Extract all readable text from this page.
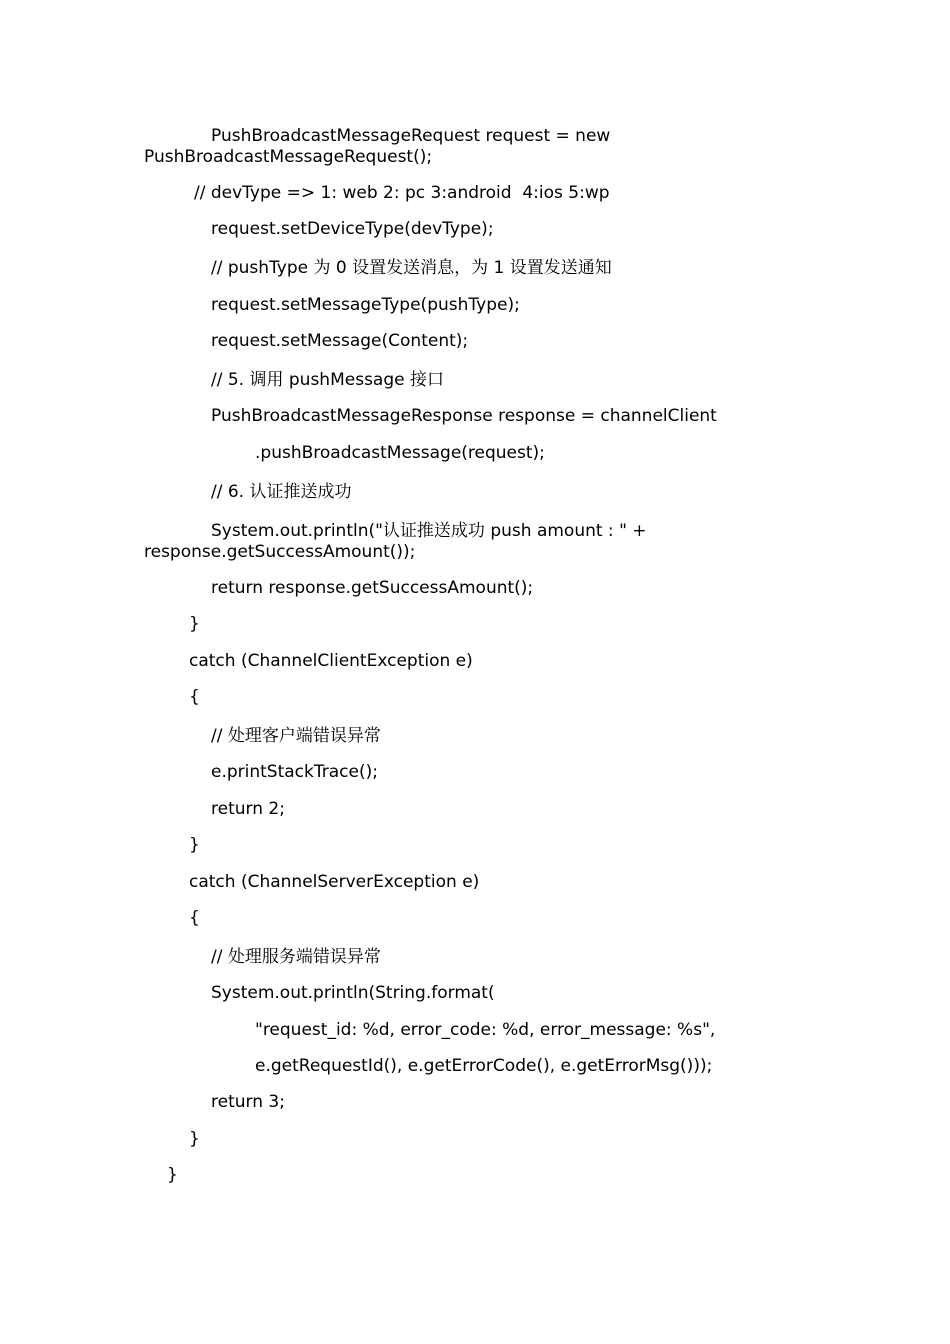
PushBroadcastMessageRequest request = new
PushBroadcastMessageRequest();
// devType => 1: web 2: pc 3:android  4:ios 5:wp
request.setDeviceType(devType);
// pushType 为 0 设置发送消息，为 1 设置发送通知
request.setMessageType(pushType);
request.setMessage(Content);
// 5. 调用 pushMessage 接口
PushBroadcastMessageResponse response = channelClient
.pushBroadcastMessage(request);
// 6. 认证推送成功
System.out.println("认证推送成功 push amount : " +
response.getSuccessAmount());
return response.getSuccessAmount();
}
catch (ChannelClientException e)
{
// 处理客户端错误异常
e.printStackTrace();
return 2;
}
catch (ChannelServerException e)
{
// 处理服务端错误异常
System.out.println(String.format(
"request_id: %d, error_code: %d, error_message: %s",
e.getRequestId(), e.getErrorCode(), e.getErrorMsg()));
return 3;
}
}
